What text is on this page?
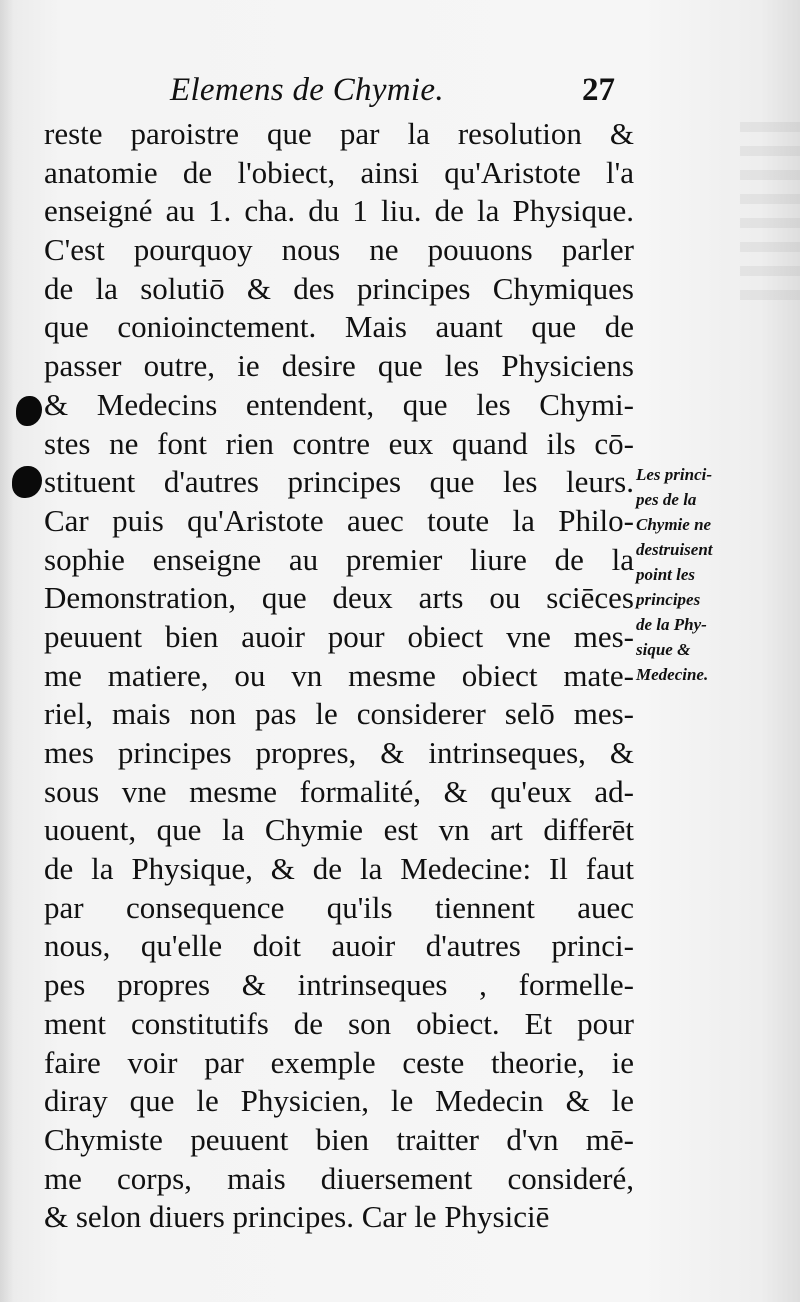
Elemens de Chymie.	27
reste paroistre que par la resolution &
anatomie de l'obiect, ainsi qu'Aristote l'a
enseigné au 1. cha. du 1 liu. de la Physique.
C'est pourquoy nous ne pouuons parler
de la solutiō & des principes Chymiques
que conioinctement. Mais auant que de
passer outre, ie desire que les Physiciens
& Medecins entendent, que les Chymi-
stes ne font rien contre eux quand ils cō-
stituent d'autres principes que les leurs.
Car puis qu'Aristote auec toute la Philo-
sophie enseigne au premier liure de la
Demonstration, que deux arts ou sciēces
peuuent bien auoir pour obiect vne mes-
me matiere, ou vn mesme obiect mate-
riel, mais non pas le considerer selō mes-
mes principes propres, & intrinseques, &
sous vne mesme formalité, & qu'eux ad-
uouent, que la Chymie est vn art differēt
de la Physique, & de la Medecine: Il faut
par consequence qu'ils tiennent auec
nous, qu'elle doit auoir d'autres princi-
pes propres & intrinseques , formelle-
ment constitutifs de son obiect. Et pour
faire voir par exemple ceste theorie, ie
diray que le Physicien, le Medecin & le
Chymiste peuuent bien traitter d'vn mē-
me corps, mais diuersement consideré,
& selon diuers principes. Car le Physiciē
Les princi-
pes de la
Chymie ne
destruisent
point les
principes
de la Phy-
sique &
Medecine.
